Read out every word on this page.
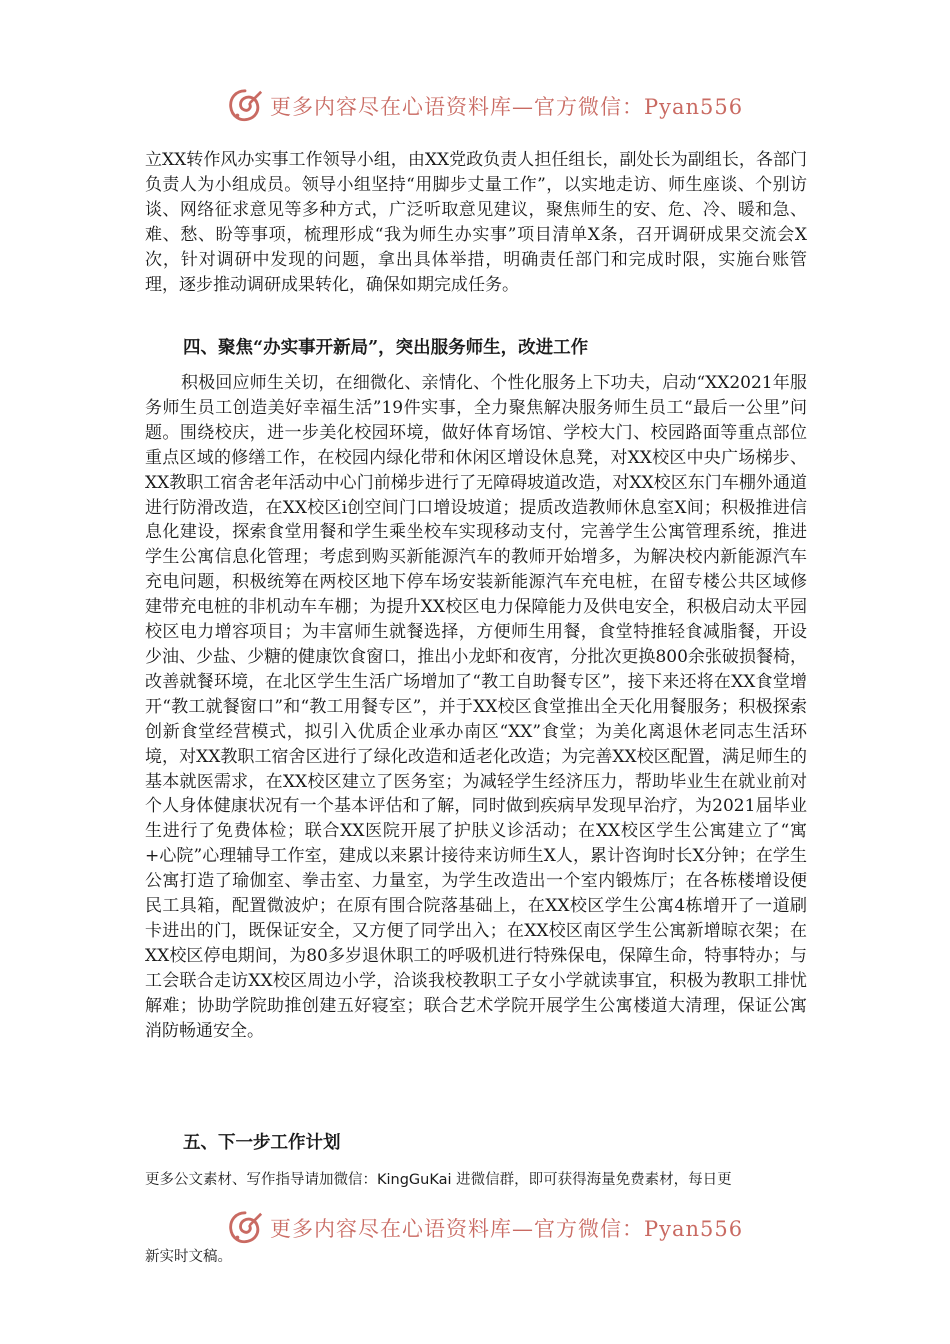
更多内容尽在心语资料库—官方微信：Pyan556
立XX转作风办实事工作领导小组，由XX党政负责人担任组长，副处长为副组长，各部门负责人为小组成员。领导小组坚持“用脚步丈量工作”，以实地走访、师生座谈、个别访谈、网络征求意见等多种方式，广泛听取意见建议，聚焦师生的安、危、冷、暖和急、难、愁、盼等事项，梳理形成“我为师生办实事”项目清单X条，召开调研成果交流会X次，针对调研中发现的问题，拿出具体举措，明确责任部门和完成时限，实施台账管理，逐步推动调研成果转化，确保如期完成任务。
四、聚焦“办实事开新局”，突出服务师生，改进工作
积极回应师生关切，在细微化、亲情化、个性化服务上下功夫，启动“XX2021年服务师生员工创造美好幸福生活”19件实事，全力聚焦解决服务师生员工“最后一公里”问题。围绕校庆，进一步美化校园环境，做好体育场馆、学校大门、校园路面等重点部位重点区域的修缮工作，在校园内绿化带和休闲区增设休息凳，对XX校区中央广场梯步、XX教职工宿舍老年活动中心门前梯步进行了无障碍坡道改造，对XX校区东门车棚外通道进行防滑改造，在XX校区i创空间门口增设坡道；提质改造教师休息室X间；积极推进信息化建设，探索食堂用餐和学生乘坐校车实现移动支付，完善学生公寓管理系统，推进学生公寓信息化管理；考虑到购买新能源汽车的教师开始增多，为解决校内新能源汽车充电问题，积极统筹在两校区地下停车场安装新能源汽车充电桩，在留专楼公共区域修建带充电桩的非机动车车棚；为提升XX校区电力保障能力及供电安全，积极启动太平园校区电力增容项目；为丰富师生就餐选择，方便师生用餐，食堂特推轻食减脂餐，开设少油、少盐、少糖的健康饮食窗口，推出小龙虾和夜宵，分批次更换800余张破损餐椅，改善就餐环境，在北区学生生活广场增加了“教工自助餐专区”，接下来还将在XX食堂增开“教工就餐窗口”和“教工用餐专区”，并于XX校区食堂推出全天化用餐服务；积极探索创新食堂经营模式，拟引入优质企业承办南区“XX”食堂；为美化离退休老同志生活环境，对XX教职工宿舍区进行了绿化改造和适老化改造；为完善XX校区配置，满足师生的基本就医需求，在XX校区建立了医务室；为减轻学生经济压力，帮助毕业生在就业前对个人身体健康状况有一个基本评估和了解，同时做到疾病早发现早治疗，为2021届毕业生进行了免费体检；联合XX医院开展了护肤义诊活动；在XX校区学生公寓建立了“寓+心院”心理辅导工作室，建成以来累计接待来访师生X人，累计咨询时长X分钟；在学生公寓打造了瑜伽室、拳击室、力量室，为学生改造出一个室内锻炼厅；在各栋楼增设便民工具箱，配置微波炉；在原有围合院落基础上，在XX校区学生公寓4栋增开了一道刷卡进出的门，既保证安全，又方便了同学出入；在XX校区南区学生公寓新增晾衣架；在XX校区停电期间，为80多岁退休职工的呼吸机进行特殊保电，保障生命，特事特办；与工会联合走访XX校区周边小学，洽谈我校教职工子女小学就读事宜，积极为教职工排忧解难；协助学院助推创建五好寝室；联合艺术学院开展学生公寓楼道大清理，保证公寓消防畅通安全。
五、下一步工作计划
更多公文素材、写作指导请加微信：KingGuKai 进微信群，即可获得海量免费素材，每日更
更多内容尽在心语资料库—官方微信：Pyan556
新实时文稿。
